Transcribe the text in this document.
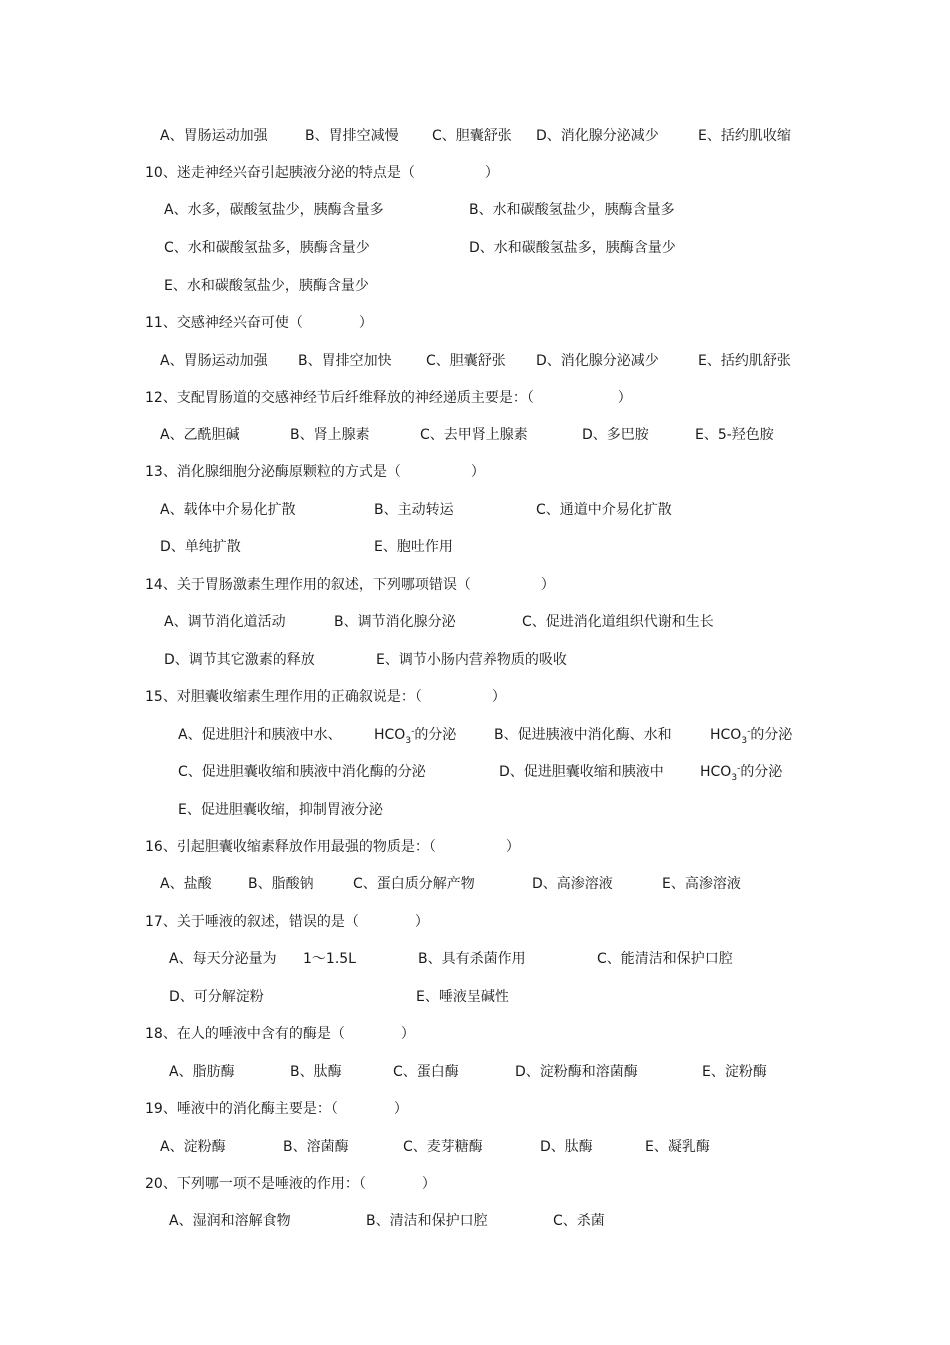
A、胃肠运动加强	B、胃排空减慢 C、胆囊舒张 D、消化腺分泌减少	E、括约肌收缩
10、迷走神经兴奋引起胰液分泌的特点是（　　　　　）
A、水多，碳酸氢盐少，胰酶含量多	B、水和碳酸氢盐少，胰酶含量多
C、水和碳酸氢盐多，胰酶含量少	D、水和碳酸氢盐多，胰酶含量少
E、水和碳酸氢盐少，胰酶含量少
11、交感神经兴奋可使（　　　　）
A、胃肠运动加强 B、胃排空加快 C、胆囊舒张 D、消化腺分泌减少	E、括约肌舒张
12、支配胃肠道的交感神经节后纤维释放的神经递质主要是：（　　　　　　）
A、乙酰胆碱	B、肾上腺素	C、去甲肾上腺素	D、多巴胺	E、5-羟色胺
13、消化腺细胞分泌酶原颗粒的方式是（　　　　　）
A、载体中介易化扩散	B、主动转运	C、通道中介易化扩散
D、单纯扩散	E、胞吐作用
14、关于胃肠激素生理作用的叙述，下列哪项错误（　　　　　）
A、调节消化道活动	B、调节消化腺分泌	C、促进消化道组织代谢和生长
D、调节其它激素的释放	E、调节小肠内营养物质的吸收
15、对胆囊收缩素生理作用的正确叙说是：（　　　　　）
A、促进胆汁和胰液中水、 $HCO_3^-$的分泌	B、促进胰液中消化酶、水和	$HCO_3^-$的分泌
C、促进胆囊收缩和胰液中消化酶的分泌	D、促进胆囊收缩和胰液中	$HCO_3^-$的分泌
E、促进胆囊收缩，抑制胃液分泌
16、引起胆囊收缩素释放作用最强的物质是：（　　　　　）
A、盐酸	B、脂酸钠	C、蛋白质分解产物	D、高渗溶液	E、高渗溶液
17、关于唾液的叙述，错误的是（　　　　）
A、每天分泌量为 1～1.5L	B、具有杀菌作用	C、能清洁和保护口腔
D、可分解淀粉	E、唾液呈碱性
18、在人的唾液中含有的酶是（　　　　）
A、脂肪酶	B、肽酶	C、蛋白酶	D、淀粉酶和溶菌酶	E、淀粉酶
19、唾液中的消化酶主要是：（　　　　）
A、淀粉酶	B、溶菌酶	C、麦芽糖酶	D、肽酶	E、凝乳酶
20、下列哪一项不是唾液的作用：（　　　　）
A、湿润和溶解食物	B、清洁和保护口腔	C、杀菌
